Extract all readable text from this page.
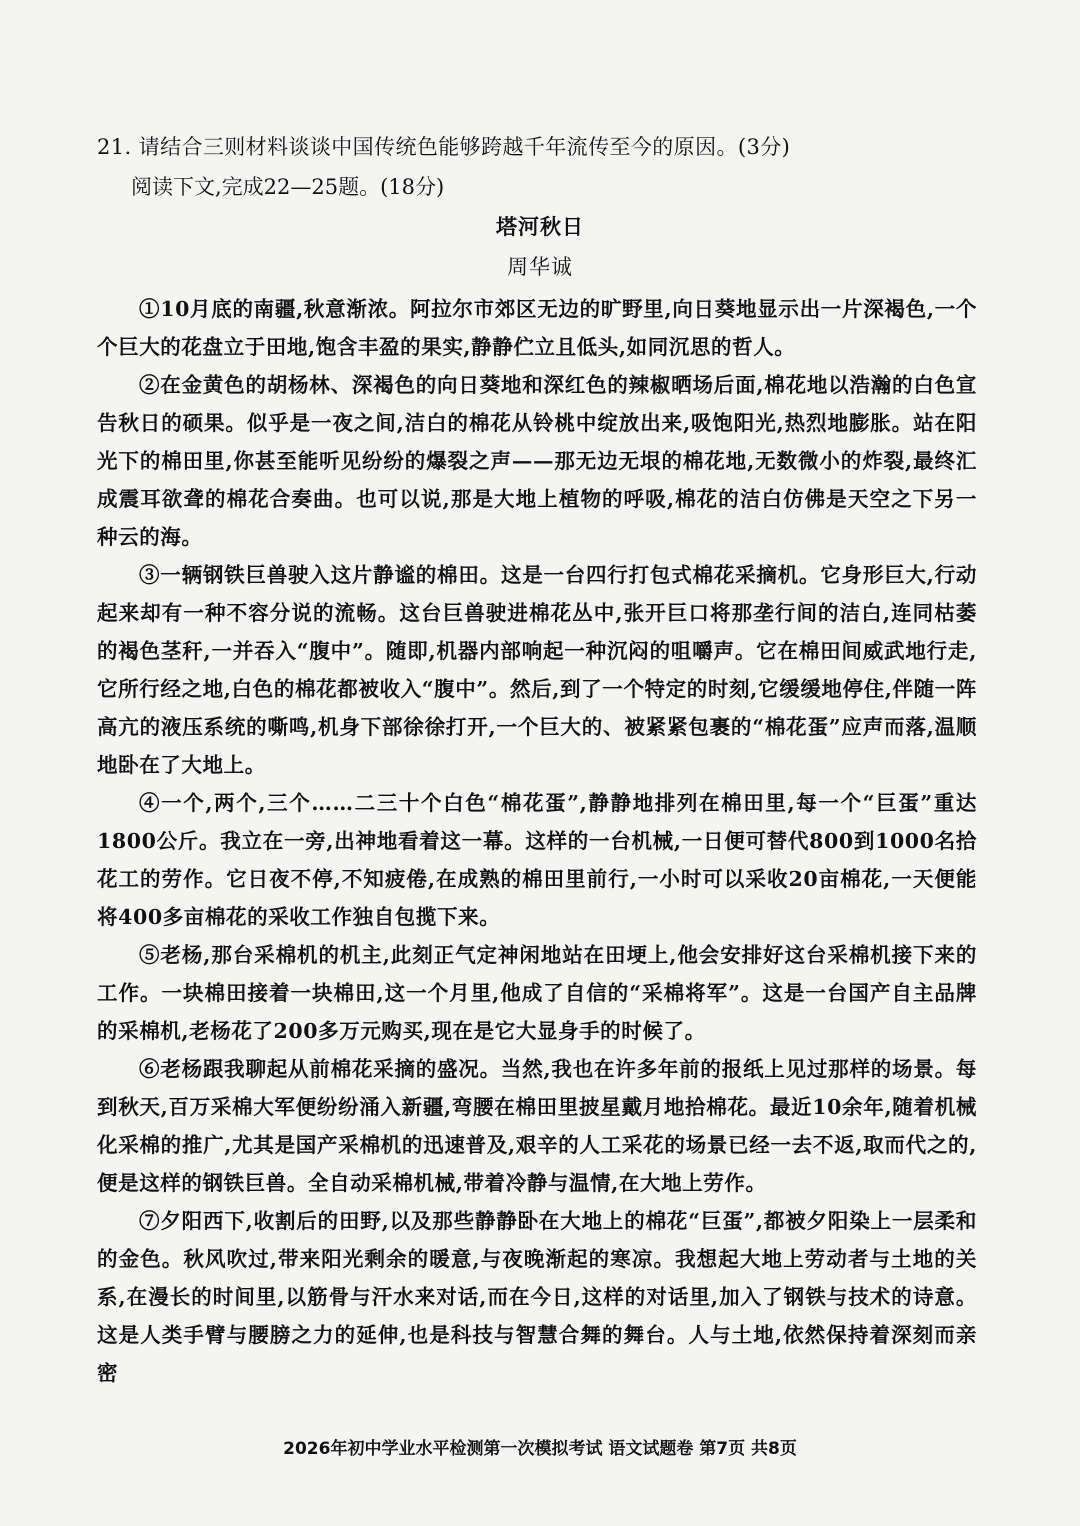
21. 请结合三则材料谈谈中国传统色能够跨越千年流传至今的原因。(3分)
阅读下文,完成22—25题。(18分)
塔河秋日
周华诚

①10月底的南疆,秋意渐浓。阿拉尔市郊区无边的旷野里,向日葵地显示出一片深褐色,一个个巨大的花盘立于田地,饱含丰盈的果实,静静伫立且低头,如同沉思的哲人。

②在金黄色的胡杨林、深褐色的向日葵地和深红色的辣椒晒场后面,棉花地以浩瀚的白色宣告秋日的硕果。似乎是一夜之间,洁白的棉花从铃桃中绽放出来,吸饱阳光,热烈地膨胀。站在阳光下的棉田里,你甚至能听见纷纷的爆裂之声——那无边无垠的棉花地,无数微小的炸裂,最终汇成震耳欲聋的棉花合奏曲。也可以说,那是大地上植物的呼吸,棉花的洁白仿佛是天空之下另一种云的海。

③一辆钢铁巨兽驶入这片静谧的棉田。这是一台四行打包式棉花采摘机。它身形巨大,行动起来却有一种不容分说的流畅。这台巨兽驶进棉花丛中,张开巨口将那垄行间的洁白,连同枯萎的褐色茎秆,一并吞入“腹中”。随即,机器内部响起一种沉闷的咀嚼声。它在棉田间威武地行走,它所行经之地,白色的棉花都被收入“腹中”。然后,到了一个特定的时刻,它缓缓地停住,伴随一阵高亢的液压系统的嘶鸣,机身下部徐徐打开,一个巨大的、被紧紧包裹的“棉花蛋”应声而落,温顺地卧在了大地上。

④一个,两个,三个……二三十个白色“棉花蛋”,静静地排列在棉田里,每一个“巨蛋”重达1800公斤。我立在一旁,出神地看着这一幕。这样的一台机械,一日便可替代800到1000名拾花工的劳作。它日夜不停,不知疲倦,在成熟的棉田里前行,一小时可以采收20亩棉花,一天便能将400多亩棉花的采收工作独自包揽下来。

⑤老杨,那台采棉机的机主,此刻正气定神闲地站在田埂上,他会安排好这台采棉机接下来的工作。一块棉田接着一块棉田,这一个月里,他成了自信的“采棉将军”。这是一台国产自主品牌的采棉机,老杨花了200多万元购买,现在是它大显身手的时候了。

⑥老杨跟我聊起从前棉花采摘的盛况。当然,我也在许多年前的报纸上见过那样的场景。每到秋天,百万采棉大军便纷纷涌入新疆,弯腰在棉田里披星戴月地拾棉花。最近10余年,随着机械化采棉的推广,尤其是国产采棉机的迅速普及,艰辛的人工采花的场景已经一去不返,取而代之的,便是这样的钢铁巨兽。全自动采棉机械,带着冷静与温情,在大地上劳作。

⑦夕阳西下,收割后的田野,以及那些静静卧在大地上的棉花“巨蛋”,都被夕阳染上一层柔和的金色。秋风吹过,带来阳光剩余的暖意,与夜晚渐起的寒凉。我想起大地上劳动者与土地的关系,在漫长的时间里,以筋骨与汗水来对话,而在今日,这样的对话里,加入了钢铁与技术的诗意。这是人类手臂与腰膀之力的延伸,也是科技与智慧合舞的舞台。人与土地,依然保持着深刻而亲密

2026年初中学业水平检测第一次模拟考试 语文试题卷 第7页 共8页
